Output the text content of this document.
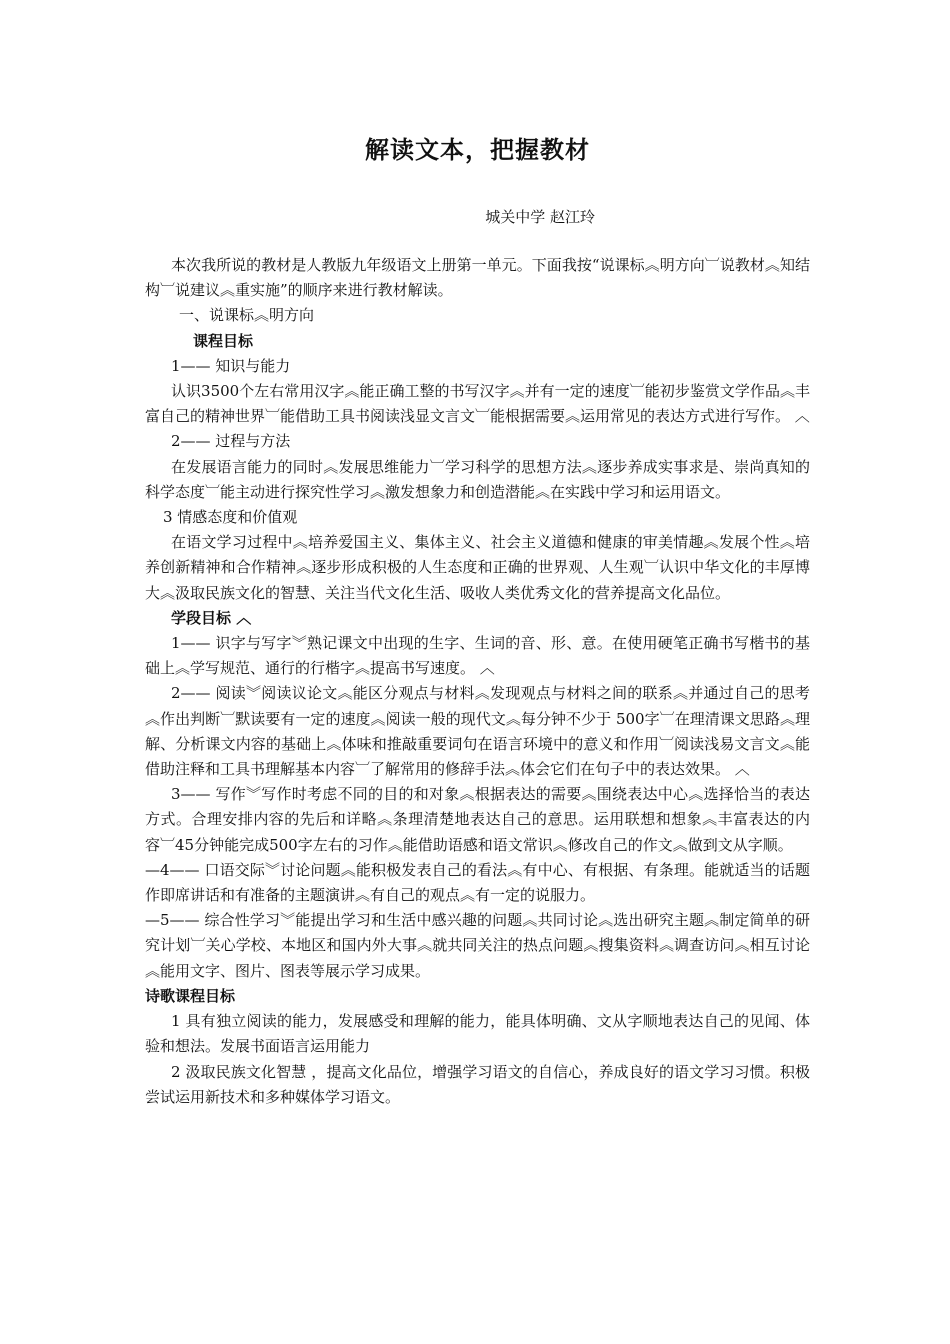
解读文本，把握教材
城关中学 赵江玲

本次我所说的教材是人教版九年级语文上册第一单元。下面我按“说课标︽明方向︺说教材︽知结构︺说建议︽重实施”的顺序来进行教材解读。

一、说课标︽明方向

课程目标

1—— 知识与能力

认识3500个左右常用汉字︽能正确工整的书写汉字︽并有一定的速度︺能初步鉴赏文学作品︽丰富自己的精神世界︺能借助工具书阅读浅显文言文︺能根据需要︽运用常见的表达方式进行写作。 ︿

2—— 过程与方法

在发展语言能力的同时︽发展思维能力︺学习科学的思想方法︽逐步养成实事求是、崇尚真知的科学态度︺能主动进行探究性学习︽激发想象力和创造潜能︽在实践中学习和运用语文。

3 情感态度和价值观

在语文学习过程中︽培养爱国主义、集体主义、社会主义道德和健康的审美情趣︽发展个性︽培养创新精神和合作精神︽逐步形成积极的人生态度和正确的世界观、人生观︺认识中华文化的丰厚博大︽汲取民族文化的智慧、关注当代文化生活、吸收人类优秀文化的营养提高文化品位。

学段目标 ︿

1—— 识字与写字︾熟记课文中出现的生字、生词的音、形、意。在使用硬笔正确书写楷书的基础上︽学写规范、通行的行楷字︽提高书写速度。 ︿

2—— 阅读︾阅读议论文︽能区分观点与材料︽发现观点与材料之间的联系︽并通过自己的思考︽作出判断︺默读要有一定的速度︽阅读一般的现代文︽每分钟不少于 500字︺在理清课文思路︽理解、分析课文内容的基础上︽体味和推敲重要词句在语言环境中的意义和作用︺阅读浅易文言文︽能借助注释和工具书理解基本内容︺了解常用的修辞手法︽体会它们在句子中的表达效果。 ︿

3—— 写作︾写作时考虑不同的目的和对象︽根据表达的需要︽围绕表达中心︽选择恰当的表达方式。合理安排内容的先后和详略︽条理清楚地表达自己的意思。运用联想和想象︽丰富表达的内容︺45分钟能完成500字左右的习作︽能借助语感和语文常识︽修改自己的作文︽做到文从字顺。

—4—— 口语交际︾讨论问题︽能积极发表自己的看法︽有中心、有根据、有条理。能就适当的话题作即席讲话和有准备的主题演讲︽有自己的观点︽有一定的说服力。

—5—— 综合性学习︾能提出学习和生活中感兴趣的问题︽共同讨论︽选出研究主题︽制定简单的研究计划︺关心学校、本地区和国内外大事︽就共同关注的热点问题︽搜集资料︽调查访问︽相互讨论︽能用文字、图片、图表等展示学习成果。

诗歌课程目标

1 具有独立阅读的能力，发展感受和理解的能力，能具体明确、文从字顺地表达自己的见闻、体验和想法。发展书面语言运用能力

2 汲取民族文化智慧 ，提高文化品位，增强学习语文的自信心，养成良好的语文学习习惯。积极尝试运用新技术和多种媒体学习语文。
